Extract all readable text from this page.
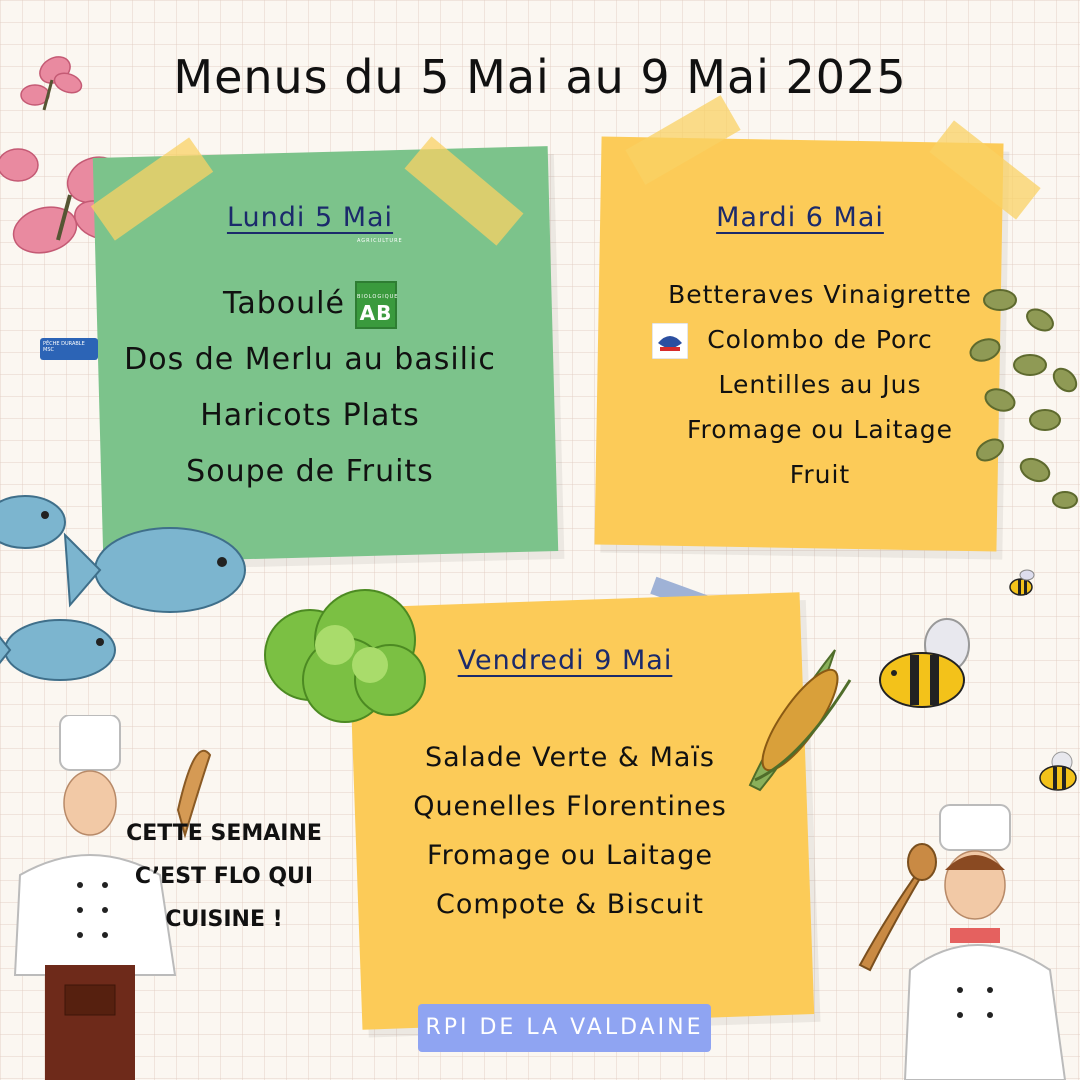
Menus du 5 Mai au 9 Mai 2025
Lundi 5 Mai
Taboulé AB
AGRICULTURE BIOLOGIQUE
Dos de Merlu au basilic
Haricots Plats
Soupe de Fruits
PÊCHE DURABLE MSC
Mardi 6 Mai
Betteraves Vinaigrette
Colombo de Porc
Lentilles au Jus
Fromage ou Laitage
Fruit
Vendredi 9 Mai
Salade Verte & Maïs
Quenelles Florentines
Fromage ou Laitage
Compote & Biscuit
CETTE SEMAINE
C’EST FLO QUI
CUISINE !
RPI DE LA VALDAINE
